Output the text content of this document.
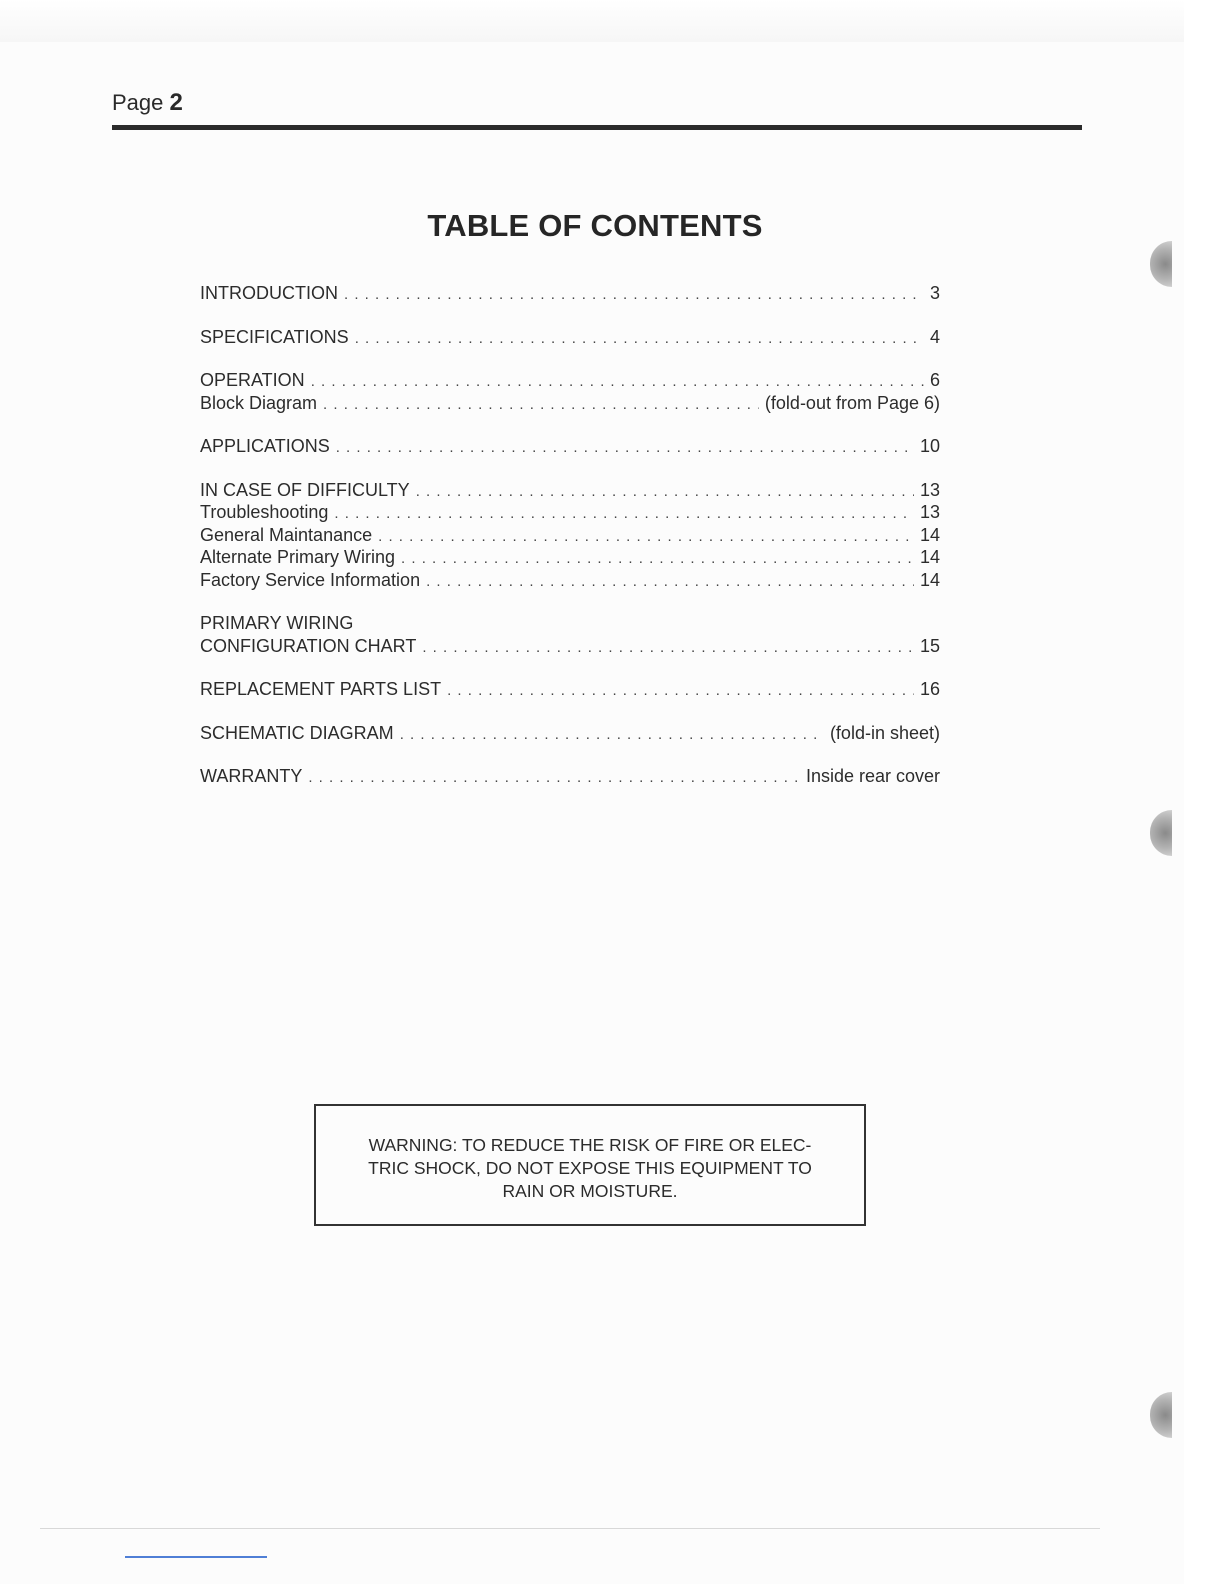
Page 2
TABLE OF CONTENTS
INTRODUCTION . . .	3
SPECIFICATIONS . . .	4
OPERATION . . .	6
Block Diagram . . .	(fold-out from Page 6)
APPLICATIONS . . .	10
IN CASE OF DIFFICULTY . . .	13
Troubleshooting . . .	13
General Maintanance . . .	14
Alternate Primary Wiring . . .	14
Factory Service Information . . .	14
PRIMARY WIRING
CONFIGURATION CHART . . .	15
REPLACEMENT PARTS LIST . . .	16
SCHEMATIC DIAGRAM . . .	(fold-in sheet)
WARRANTY . . .	Inside rear cover
WARNING: TO REDUCE THE RISK OF FIRE OR ELEC-
TRIC SHOCK, DO NOT EXPOSE THIS EQUIPMENT TO
RAIN OR MOISTURE.
